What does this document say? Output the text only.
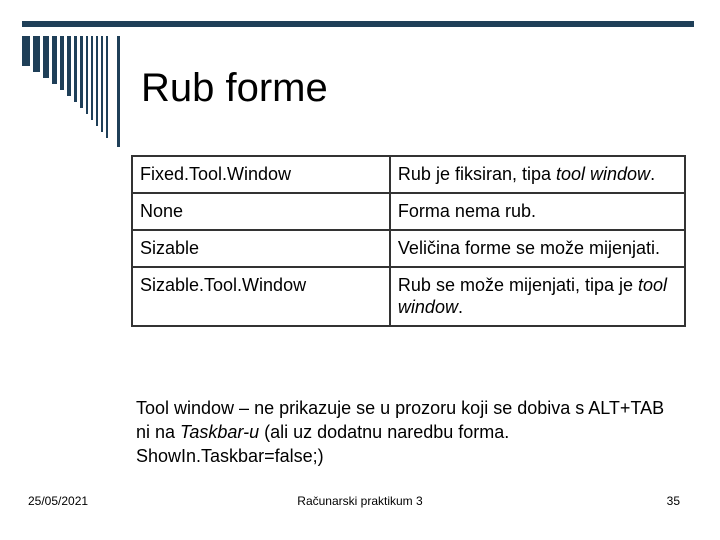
Rub forme
Fixed.Tool.Window	Rub je fiksiran, tipa tool window.
None	Forma nema rub.
Sizable	Veličina forme se može mijenjati.
Sizable.Tool.Window	Rub se može mijenjati, tipa je tool window.
Tool window – ne prikazuje se u prozoru koji se dobiva s ALT+TAB ni na Taskbar-u (ali uz dodatnu naredbu forma. ShowIn.Taskbar=false;)
25/05/2021	Računarski praktikum 3	35
